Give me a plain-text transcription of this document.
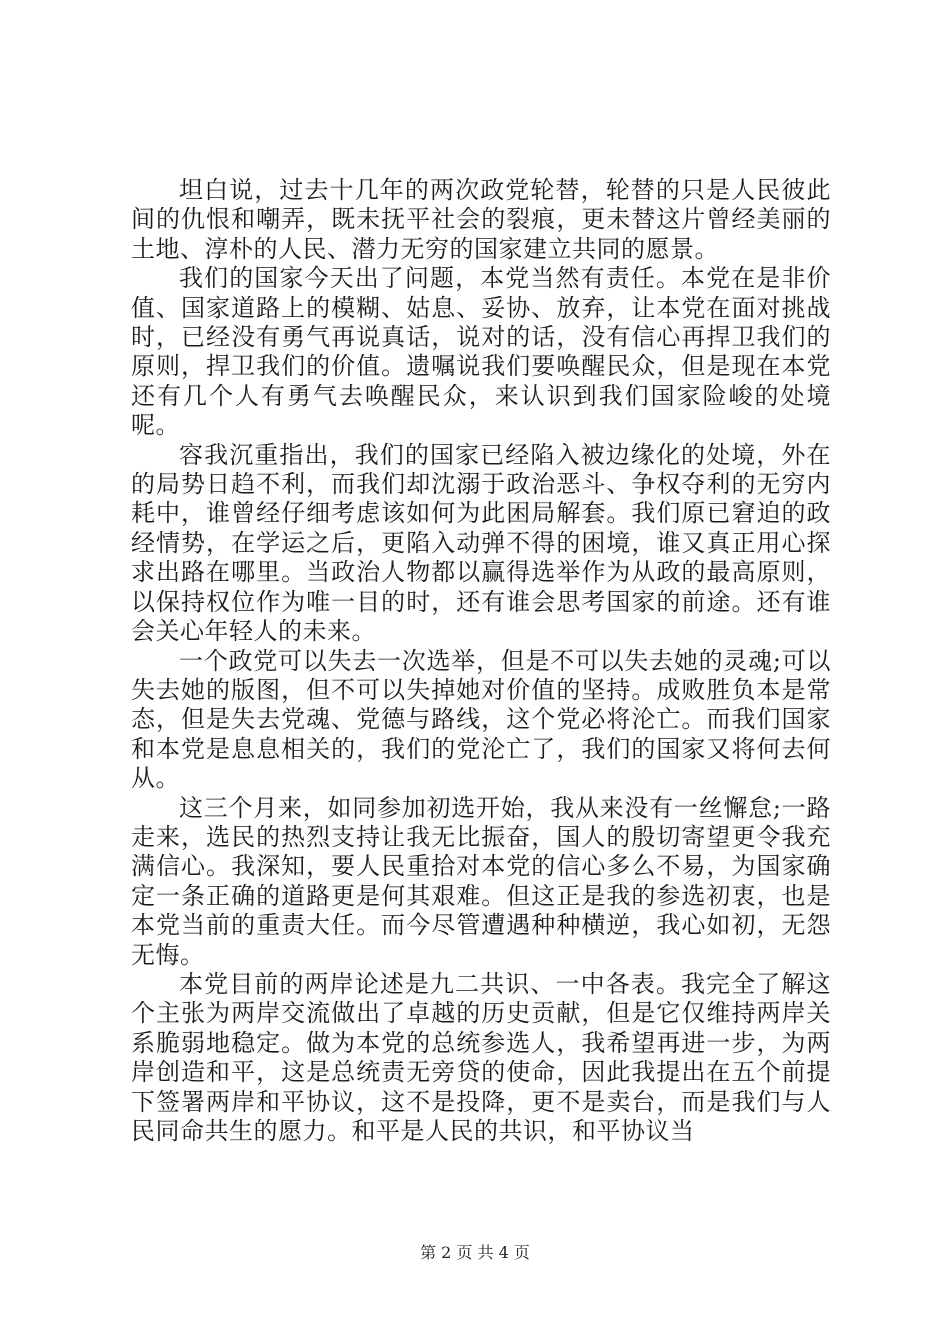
坦白说，过去十几年的两次政党轮替，轮替的只是人民彼此间的仇恨和嘲弄，既未抚平社会的裂痕，更未替这片曾经美丽的土地、淳朴的人民、潜力无穷的国家建立共同的愿景。

我们的国家今天出了问题，本党当然有责任。本党在是非价值、国家道路上的模糊、姑息、妥协、放弃，让本党在面对挑战时，已经没有勇气再说真话，说对的话，没有信心再捍卫我们的原则，捍卫我们的价值。遗嘱说我们要唤醒民众，但是现在本党还有几个人有勇气去唤醒民众，来认识到我们国家险峻的处境呢。

容我沉重指出，我们的国家已经陷入被边缘化的处境，外在的局势日趋不利，而我们却沈溺于政治恶斗、争权夺利的无穷内耗中，谁曾经仔细考虑该如何为此困局解套。我们原已窘迫的政经情势，在学运之后，更陷入动弹不得的困境，谁又真正用心探求出路在哪里。当政治人物都以赢得选举作为从政的最高原则，以保持权位作为唯一目的时，还有谁会思考国家的前途。还有谁会关心年轻人的未来。

一个政党可以失去一次选举，但是不可以失去她的灵魂;可以失去她的版图，但不可以失掉她对价值的坚持。成败胜负本是常态，但是失去党魂、党德与路线，这个党必将沦亡。而我们国家和本党是息息相关的，我们的党沦亡了，我们的国家又将何去何从。

这三个月来，如同参加初选开始，我从来没有一丝懈怠;一路走来，选民的热烈支持让我无比振奋，国人的殷切寄望更令我充满信心。我深知，要人民重拾对本党的信心多么不易，为国家确定一条正确的道路更是何其艰难。但这正是我的参选初衷，也是本党当前的重责大任。而今尽管遭遇种种横逆，我心如初，无怨无悔。

本党目前的两岸论述是九二共识、一中各表。我完全了解这个主张为两岸交流做出了卓越的历史贡献，但是它仅维持两岸关系脆弱地稳定。做为本党的总统参选人，我希望再进一步，为两岸创造和平，这是总统责无旁贷的使命，因此我提出在五个前提下签署两岸和平协议，这不是投降，更不是卖台，而是我们与人民同命共生的愿力。和平是人民的共识，和平协议当

第 2 页 共 4 页
